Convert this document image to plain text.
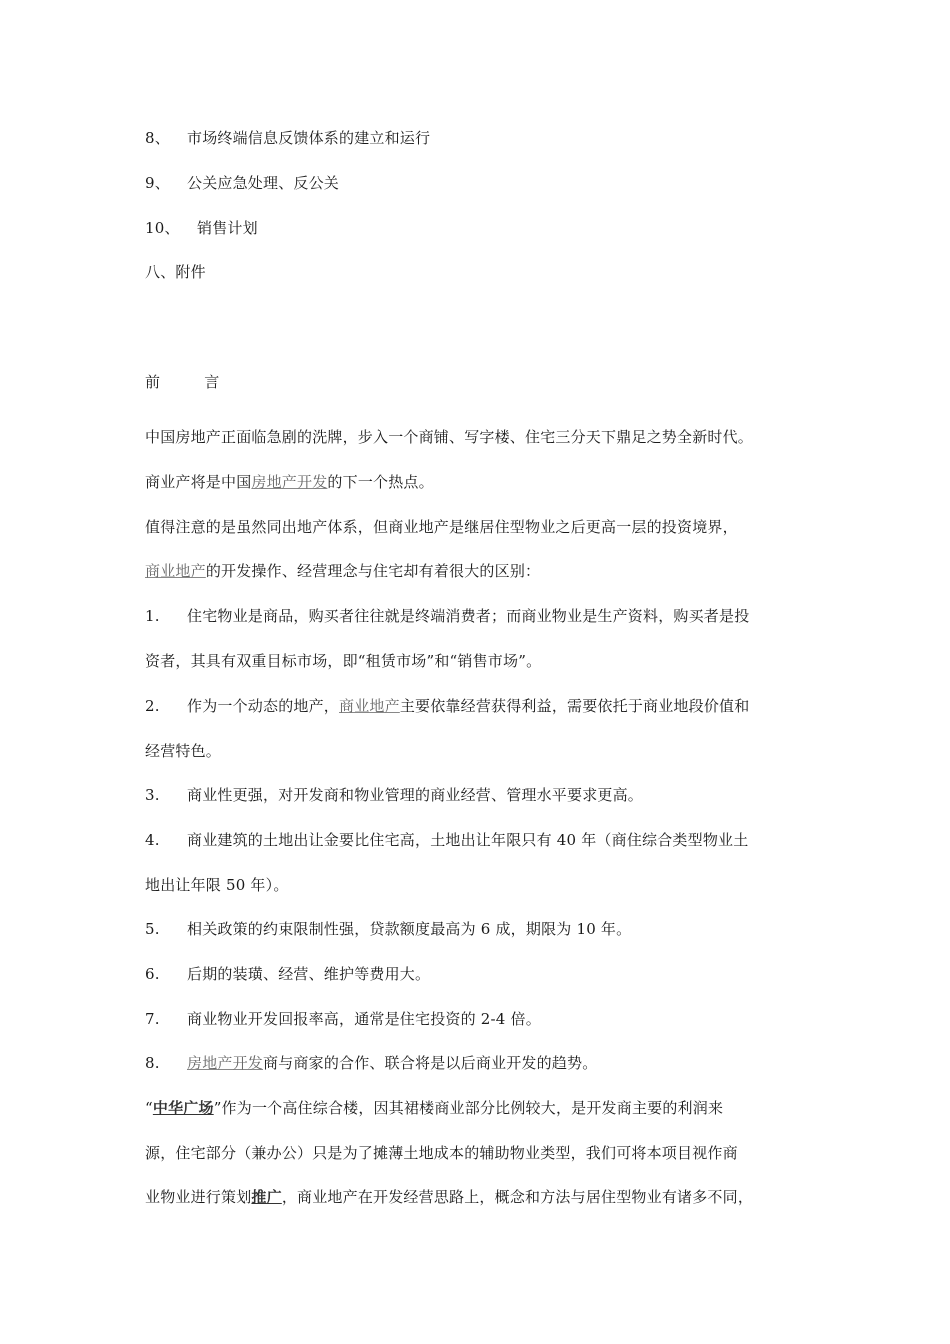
8、 市场终端信息反馈体系的建立和运行
9、 公关应急处理、反公关
10、 销售计划
八、附件
前	言
中国房地产正面临急剧的洗牌，步入一个商铺、写字楼、住宅三分天下鼎足之势全新时代。
商业产将是中国房地产开发的下一个热点。
值得注意的是虽然同出地产体系，但商业地产是继居住型物业之后更高一层的投资境界，
商业地产的开发操作、经营理念与住宅却有着很大的区别：
1. 住宅物业是商品，购买者往往就是终端消费者；而商业物业是生产资料，购买者是投
资者，其具有双重目标市场，即“租赁市场”和“销售市场”。
2. 作为一个动态的地产，商业地产主要依靠经营获得利益，需要依托于商业地段价值和
经营特色。
3. 商业性更强，对开发商和物业管理的商业经营、管理水平要求更高。
4. 商业建筑的土地出让金要比住宅高，土地出让年限只有 40 年（商住综合类型物业土
地出让年限 50 年）。
5. 相关政策的约束限制性强，贷款额度最高为 6 成，期限为 10 年。
6. 后期的装璜、经营、维护等费用大。
7. 商业物业开发回报率高，通常是住宅投资的 2-4 倍。
8. 房地产开发商与商家的合作、联合将是以后商业开发的趋势。
“中华广场”作为一个高住综合楼，因其裙楼商业部分比例较大，是开发商主要的利润来
源，住宅部分（兼办公）只是为了摊薄土地成本的辅助物业类型，我们可将本项目视作商
业物业进行策划推广，商业地产在开发经营思路上，概念和方法与居住型物业有诸多不同，
